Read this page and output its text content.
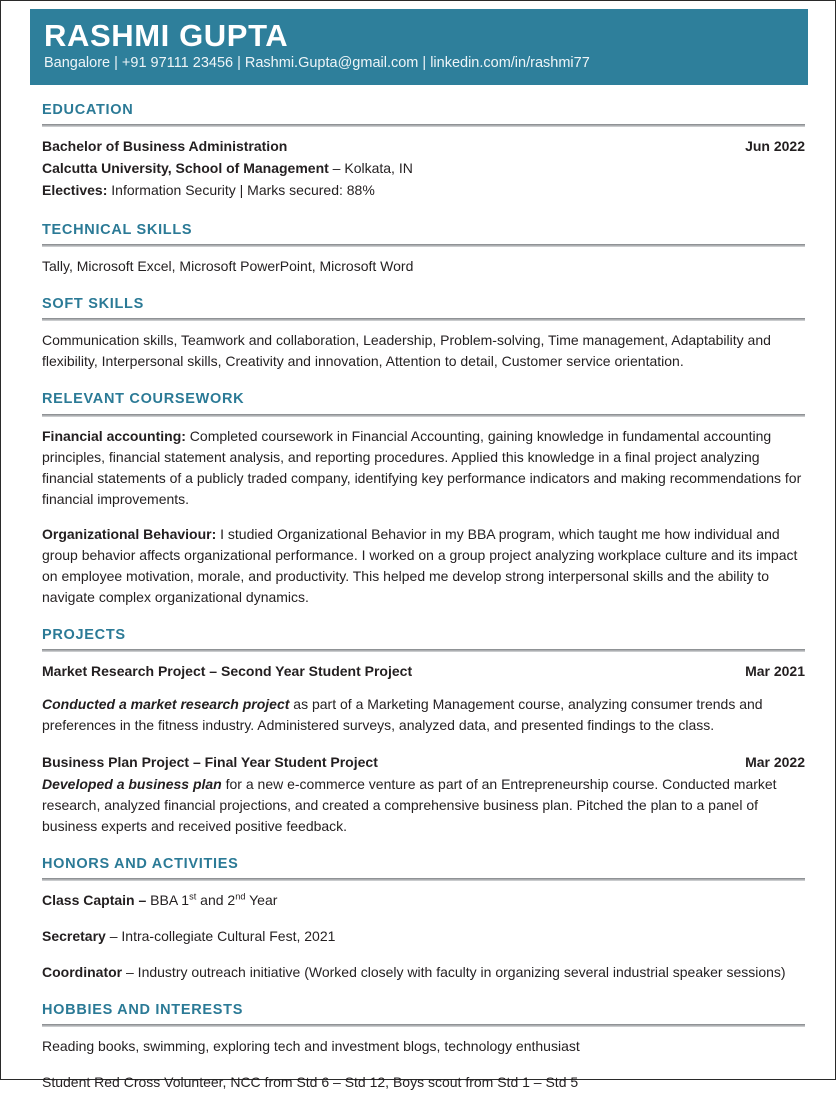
RASHMI GUPTA
Bangalore | +91 97111 23456 | Rashmi.Gupta@gmail.com | linkedin.com/in/rashmi77
EDUCATION
Bachelor of Business Administration	Jun 2022
Calcutta University, School of Management – Kolkata, IN
Electives: Information Security | Marks secured: 88%
TECHNICAL SKILLS

Tally, Microsoft Excel, Microsoft PowerPoint, Microsoft Word

SOFT SKILLS

Communication skills, Teamwork and collaboration, Leadership, Problem-solving, Time management, Adaptability and flexibility, Interpersonal skills, Creativity and innovation, Attention to detail, Customer service orientation.

RELEVANT COURSEWORK

Financial accounting: Completed coursework in Financial Accounting, gaining knowledge in fundamental accounting principles, financial statement analysis, and reporting procedures. Applied this knowledge in a final project analyzing financial statements of a publicly traded company, identifying key performance indicators and making recommendations for financial improvements.

Organizational Behaviour: I studied Organizational Behavior in my BBA program, which taught me how individual and group behavior affects organizational performance. I worked on a group project analyzing workplace culture and its impact on employee motivation, morale, and productivity. This helped me develop strong interpersonal skills and the ability to navigate complex organizational dynamics.

PROJECTS
Market Research Project – Second Year Student Project	Mar 2021

Conducted a market research project as part of a Marketing Management course, analyzing consumer trends and preferences in the fitness industry. Administered surveys, analyzed data, and presented findings to the class.

Business Plan Project – Final Year Student Project	Mar 2022

Developed a business plan for a new e-commerce venture as part of an Entrepreneurship course. Conducted market research, analyzed financial projections, and created a comprehensive business plan. Pitched the plan to a panel of business experts and received positive feedback.

HONORS AND ACTIVITIES
Class Captain – BBA 1st and 2nd Year
Secretary – Intra-collegiate Cultural Fest, 2021
Coordinator – Industry outreach initiative (Worked closely with faculty in organizing several industrial speaker sessions)
HOBBIES AND INTERESTS
Reading books, swimming, exploring tech and investment blogs, technology enthusiast
Student Red Cross Volunteer, NCC from Std 6 – Std 12, Boys scout from Std 1 – Std 5
